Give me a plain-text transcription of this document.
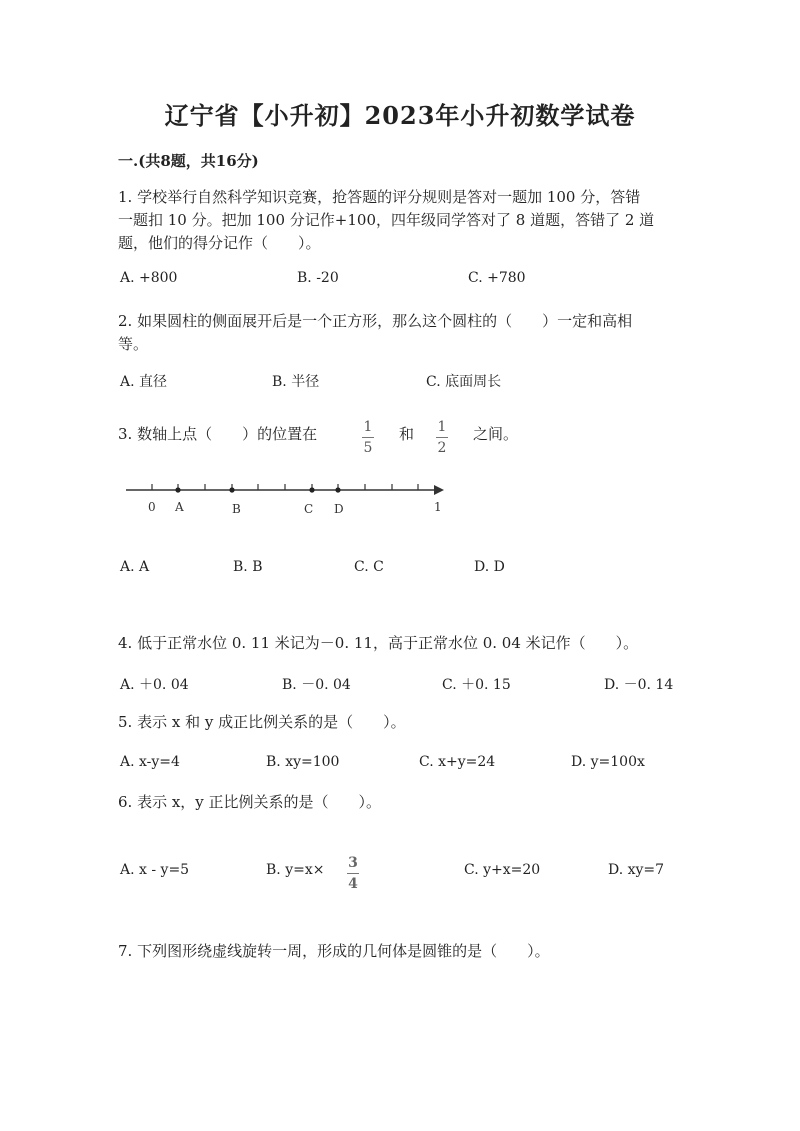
辽宁省【小升初】2023年小升初数学试卷
一.(共8题，共16分)
1. 学校举行自然科学知识竞赛，抢答题的评分规则是答对一题加 100 分，答错
一题扣 10 分。把加 100 分记作+100，四年级同学答对了 8 道题，答错了 2 道
题，他们的得分记作（　　）。
A. +800	B. -20	C. +780
2. 如果圆柱的侧面展开后是一个正方形，那么这个圆柱的（　　）一定和高相
等。
A. 直径	B. 半径	C. 底面周长
3. 数轴上点（　　）的位置在	1
5
和 1
2
之间。
0 A	B	C D	1
A. A	B. B	C. C	D. D
4. 低于正常水位 0. 11 米记为－0. 11，高于正常水位 0. 04 米记作（　　）。
A. ＋0. 04	B. －0. 04	C. ＋0. 15	D. －0. 14
5. 表示 x 和 y 成正比例关系的是（　　）。
A. x-y=4	B. xy=100	C. x+y=24	D. y=100x
6. 表示 x，y 正比例关系的是（　　）。
A. x - y=5	B. y=x× 3
4
C. y+x=20	D. xy=7
7. 下列图形绕虚线旋转一周，形成的几何体是圆锥的是（　　）。
